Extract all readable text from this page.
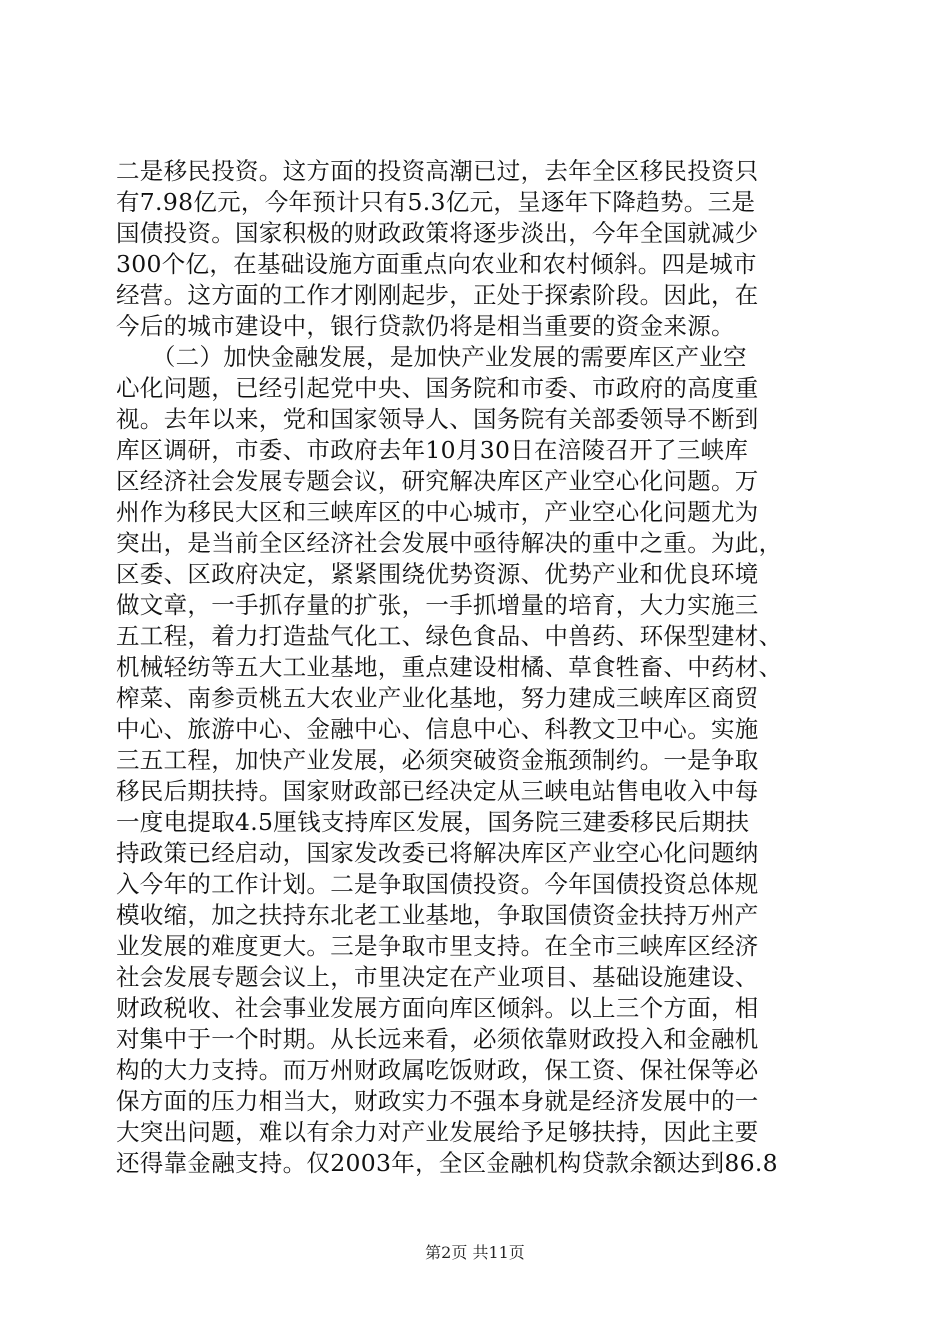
二是移民投资。这方面的投资高潮已过，去年全区移民投资只
有7.98亿元，今年预计只有5.3亿元，呈逐年下降趋势。三是
国债投资。国家积极的财政政策将逐步淡出，今年全国就减少
300个亿，在基础设施方面重点向农业和农村倾斜。四是城市
经营。这方面的工作才刚刚起步，正处于探索阶段。因此，在
今后的城市建设中，银行贷款仍将是相当重要的资金来源。
　　（二）加快金融发展，是加快产业发展的需要库区产业空
心化问题，已经引起党中央、国务院和市委、市政府的高度重
视。去年以来，党和国家领导人、国务院有关部委领导不断到
库区调研，市委、市政府去年10月30日在涪陵召开了三峡库
区经济社会发展专题会议，研究解决库区产业空心化问题。万
州作为移民大区和三峡库区的中心城市，产业空心化问题尤为
突出，是当前全区经济社会发展中亟待解决的重中之重。为此，
区委、区政府决定，紧紧围绕优势资源、优势产业和优良环境
做文章，一手抓存量的扩张，一手抓增量的培育，大力实施三
五工程，着力打造盐气化工、绿色食品、中兽药、环保型建材、
机械轻纺等五大工业基地，重点建设柑橘、草食牲畜、中药材、
榨菜、南参贡桃五大农业产业化基地，努力建成三峡库区商贸
中心、旅游中心、金融中心、信息中心、科教文卫中心。实施
三五工程，加快产业发展，必须突破资金瓶颈制约。一是争取
移民后期扶持。国家财政部已经决定从三峡电站售电收入中每
一度电提取4.5厘钱支持库区发展，国务院三建委移民后期扶
持政策已经启动，国家发改委已将解决库区产业空心化问题纳
入今年的工作计划。二是争取国债投资。今年国债投资总体规
模收缩，加之扶持东北老工业基地，争取国债资金扶持万州产
业发展的难度更大。三是争取市里支持。在全市三峡库区经济
社会发展专题会议上，市里决定在产业项目、基础设施建设、
财政税收、社会事业发展方面向库区倾斜。以上三个方面，相
对集中于一个时期。从长远来看，必须依靠财政投入和金融机
构的大力支持。而万州财政属吃饭财政，保工资、保社保等必
保方面的压力相当大，财政实力不强本身就是经济发展中的一
大突出问题，难以有余力对产业发展给予足够扶持，因此主要
还得靠金融支持。仅2003年，全区金融机构贷款余额达到86.8
第2页 共11页
